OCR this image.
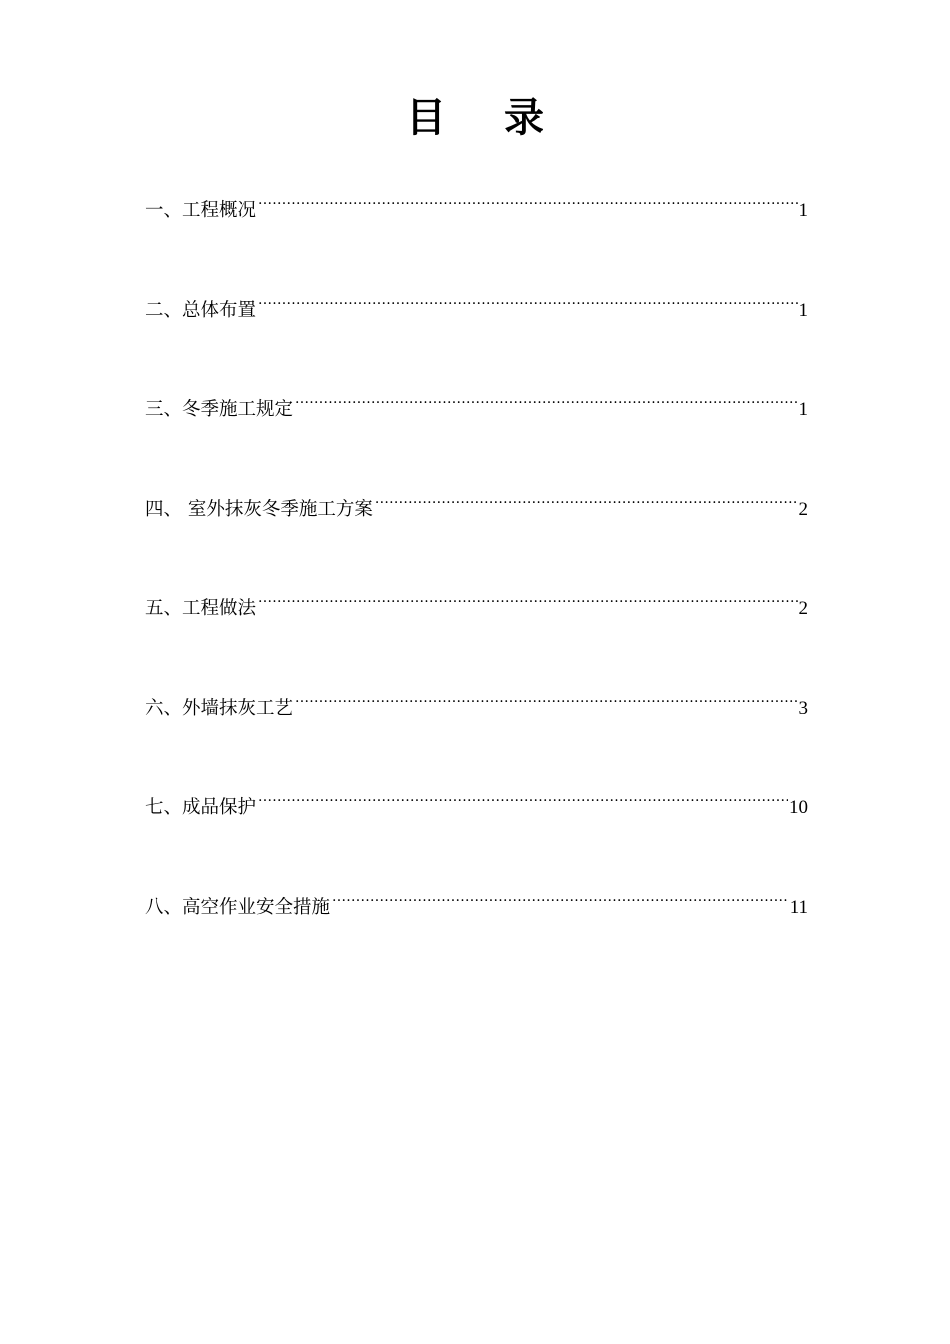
目录
一、工程概况 .....	1
二、总体布置 .....	1
三、冬季施工规定 .....	1
四、 室外抹灰冬季施工方案 .....	2
五、工程做法 .....	2
六、外墙抹灰工艺 .....	3
七、成品保护 .....	10
八、高空作业安全措施 .....	11
